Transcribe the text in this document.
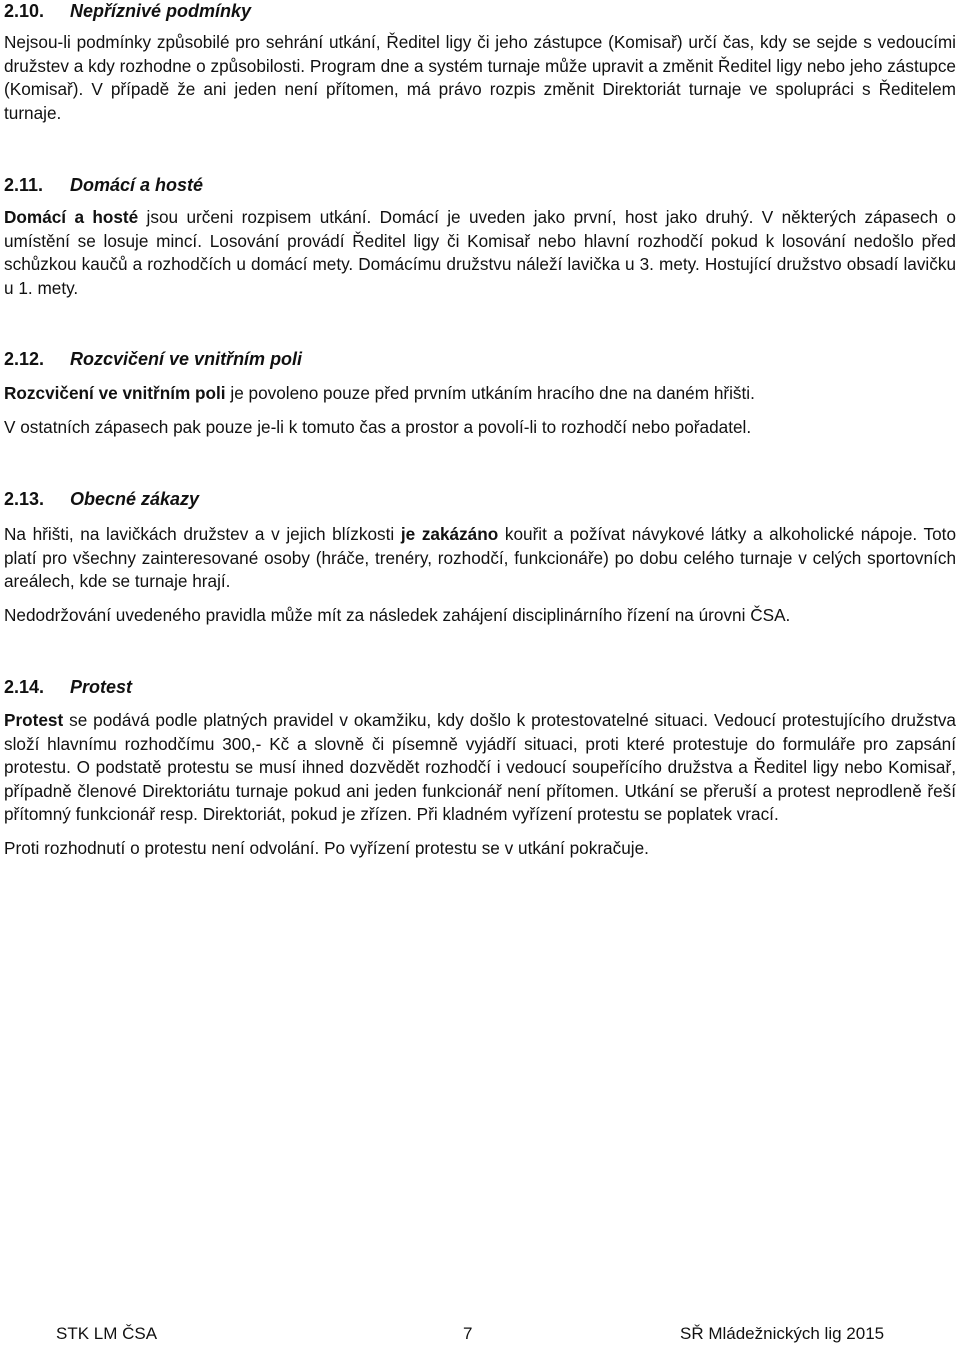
2.10. Nepříznivé podmínky

Nejsou-li podmínky způsobilé pro sehrání utkání, Ředitel ligy či jeho zástupce (Komisař) určí čas, kdy se sejde s vedoucími družstev a kdy rozhodne o způsobilosti. Program dne a systém turnaje může upravit a změnit Ředitel ligy nebo jeho zástupce (Komisař). V případě že ani jeden není přítomen, má právo rozpis změnit Direktoriát turnaje ve spolupráci s Ředitelem turnaje.

2.11. Domácí a hosté

Domácí a hosté jsou určeni rozpisem utkání. Domácí je uveden jako první, host jako druhý. V některých zápasech o umístění se losuje mincí. Losování provádí Ředitel ligy či Komisař nebo hlavní rozhodčí pokud k losování nedošlo před schůzkou kaučů a rozhodčích u domácí mety. Domácímu družstvu náleží lavička u 3. mety. Hostující družstvo obsadí lavičku u 1. mety.

2.12. Rozcvičení ve vnitřním poli

Rozcvičení ve vnitřním poli je povoleno pouze před prvním utkáním hracího dne na daném hřišti.

V ostatních zápasech pak pouze je-li k tomuto čas a prostor a povolí-li to rozhodčí nebo pořadatel.

2.13. Obecné zákazy

Na hřišti, na lavičkách družstev a v jejich blízkosti je zakázáno kouřit a požívat návykové látky a alkoholické nápoje. Toto platí pro všechny zainteresované osoby (hráče, trenéry, rozhodčí, funkcionáře) po dobu celého turnaje v celých sportovních areálech, kde se turnaje hrají.

Nedodržování uvedeného pravidla může mít za následek zahájení disciplinárního řízení na úrovni ČSA.

2.14. Protest

Protest se podává podle platných pravidel v okamžiku, kdy došlo k protestovatelné situaci. Vedoucí protestujícího družstva složí hlavnímu rozhodčímu 300,- Kč a slovně či písemně vyjádří situaci, proti které protestuje do formuláře pro zapsání protestu. O podstatě protestu se musí ihned dozvědět rozhodčí i vedoucí soupeřícího družstva a Ředitel ligy nebo Komisař, případně členové Direktoriátu turnaje pokud ani jeden funkcionář není přítomen. Utkání se přeruší a protest neprodleně řeší přítomný funkcionář resp. Direktoriát, pokud je zřízen. Při kladném vyřízení protestu se poplatek vrací.

Proti rozhodnutí o protestu není odvolání. Po vyřízení protestu se v utkání pokračuje.

STK LM ČSA	7	SŘ Mládežnických lig 2015
